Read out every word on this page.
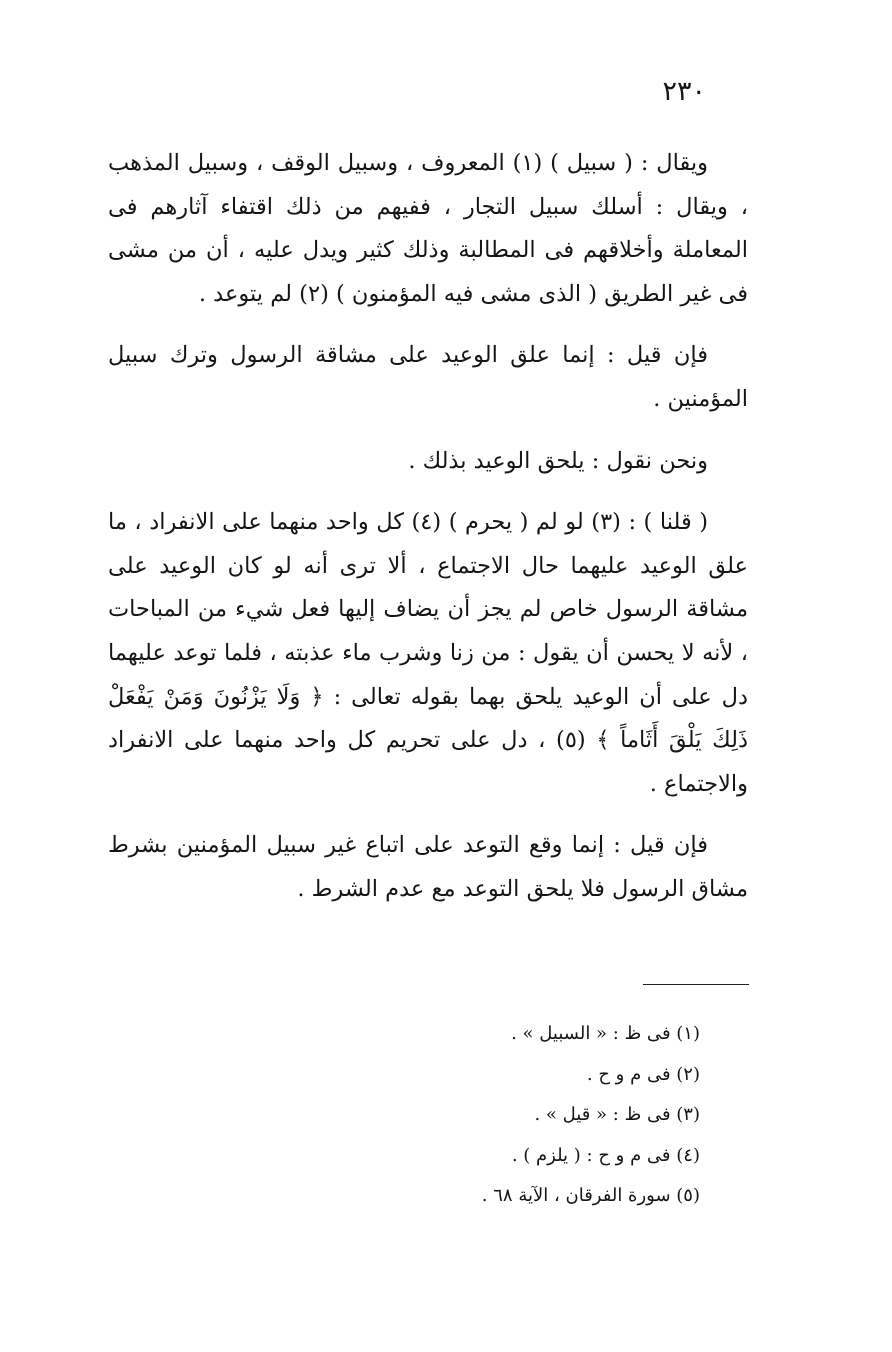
٢٣٠

ويقال : ( سبيل ) (١) المعروف ، وسبيل الوقف ، وسبيل المذهب ، ويقال : أسلك سبيل التجار ، ففيهم من ذلك اقتفاء آثارهم فى المعاملة وأخلاقهم فى المطالبة وذلك كثير ويدل عليه ، أن من مشى فى غير الطريق ( الذى مشى فيه المؤمنون ) (٢) لم يتوعد .

فإن قيل : إنما علق الوعيد على مشاقة الرسول وترك سبيل المؤمنين .

ونحن نقول : يلحق الوعيد بذلك .

( قلنا ) : (٣) لو لم ( يحرم ) (٤) كل واحد منهما على الانفراد ، ما علق الوعيد عليهما حال الاجتماع ، ألا ترى أنه لو كان الوعيد على مشاقة الرسول خاص لم يجز أن يضاف إليها فعل شيء من المباحات ، لأنه لا يحسن أن يقول : من زنا وشرب ماء عذبته ، فلما توعد عليهما دل على أن الوعيد يلحق بهما بقوله تعالى : ﴿ وَلَا يَزْنُونَ وَمَنْ يَفْعَلْ ذَلِكَ يَلْقَ أَثَاماً ﴾ (٥) ، دل على تحريم كل واحد منهما على الانفراد والاجتماع .

فإن قيل : إنما وقع التوعد على اتباع غير سبيل المؤمنين بشرط مشاق الرسول فلا يلحق التوعد مع عدم الشرط .

(١) فى ظ : « السبيل » .
(٢) فى م و ح .
(٣) فى ظ : « قيل » .
(٤) فى م و ح : ( يلزم ) .
(٥) سورة الفرقان ، الآية ٦٨ .
